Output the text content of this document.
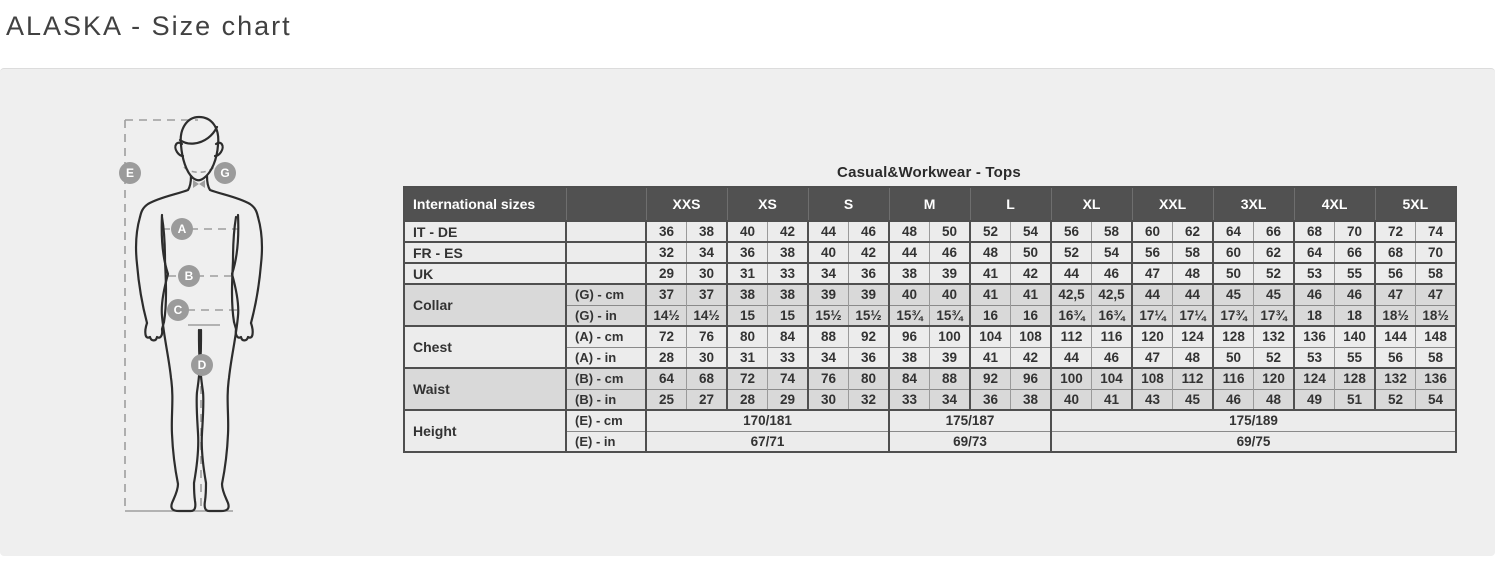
ALASKA - Size chart
E	G
A
B
C
D
Casual&Workwear - Tops
International sizes		XXS		XS		S		M		L		XL		XXL		3XL		4XL		5XL	
IT - DE		36	38	40	42	44	46	48	50	52	54	56	58	60	62	64	66	68	70	72	74
FR - ES		32	34	36	38	40	42	44	46	48	50	52	54	56	58	60	62	64	66	68	70
UK		29	30	31	33	34	36	38	39	41	42	44	46	47	48	50	52	53	55	56	58
Collar	(G) - cm	37	37	38	38	39	39	40	40	41	41	42,5	42,5	44	44	45	45	46	46	47	47
	(G) - in	14½	14½	15	15	15½	15½	15¾	15¾	16	16	16¾	16¾	17¼	17¼	17¾	17¾	18	18	18½	18½
Chest	(A) - cm	72	76	80	84	88	92	96	100	104	108	112	116	120	124	128	132	136	140	144	148
	(A) - in	28	30	31	33	34	36	38	39	41	42	44	46	47	48	50	52	53	55	56	58
Waist	(B) - cm	64	68	72	74	76	80	84	88	92	96	100	104	108	112	116	120	124	128	132	136
	(B) - in	25	27	28	29	30	32	33	34	36	38	40	41	43	45	46	48	49	51	52	54
Height	(E) - cm	170/181						175/187				175/189									
	(E) - in	67/71						69/73				69/75									
